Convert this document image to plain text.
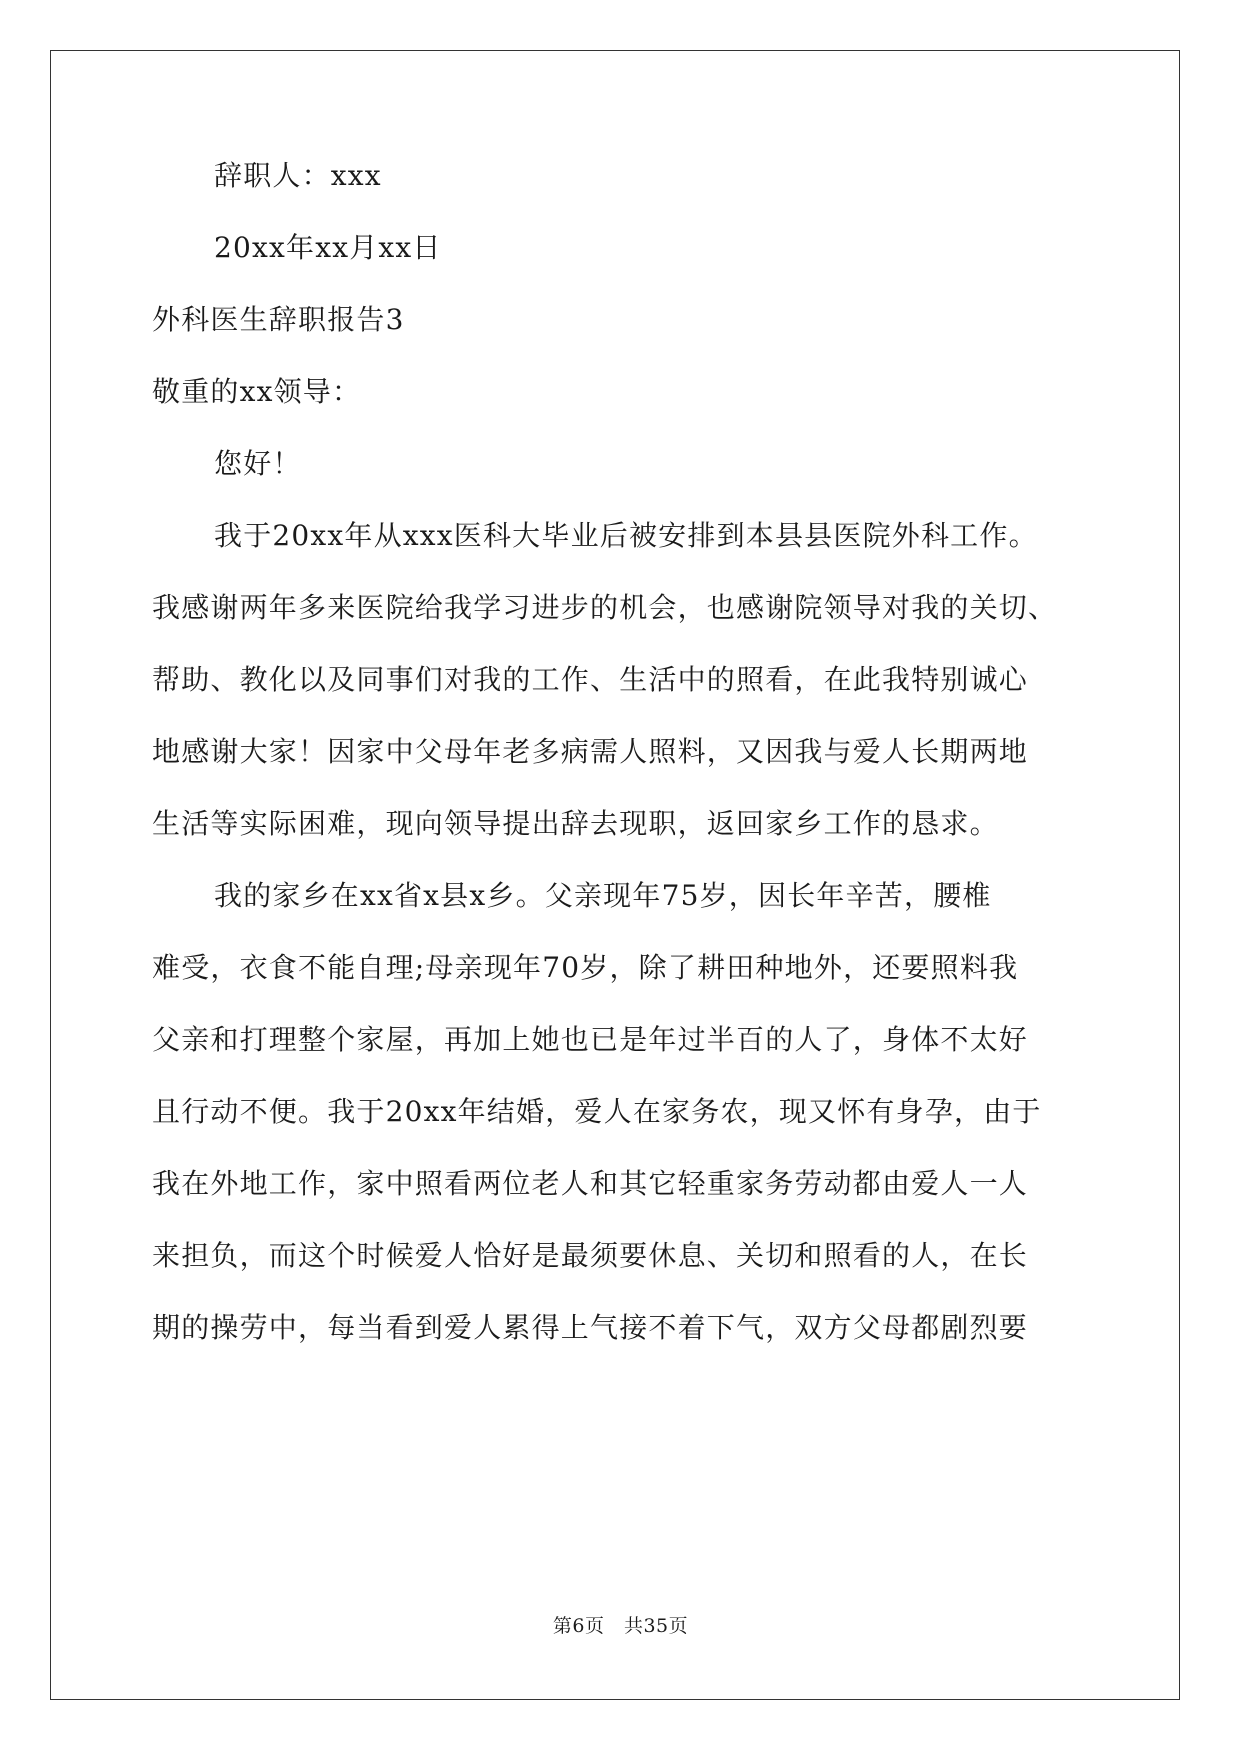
辞职人：xxx
20xx年xx月xx日
外科医生辞职报告3
敬重的xx领导：
您好！
我于20xx年从xxx医科大毕业后被安排到本县县医院外科工作。
我感谢两年多来医院给我学习进步的机会，也感谢院领导对我的关切、
帮助、教化以及同事们对我的工作、生活中的照看，在此我特别诚心
地感谢大家！因家中父母年老多病需人照料，又因我与爱人长期两地
生活等实际困难，现向领导提出辞去现职，返回家乡工作的恳求。
我的家乡在xx省x县x乡。父亲现年75岁，因长年辛苦，腰椎
难受，衣食不能自理;母亲现年70岁，除了耕田种地外，还要照料我
父亲和打理整个家屋，再加上她也已是年过半百的人了，身体不太好
且行动不便。我于20xx年结婚，爱人在家务农，现又怀有身孕，由于
我在外地工作，家中照看两位老人和其它轻重家务劳动都由爱人一人
来担负，而这个时候爱人恰好是最须要休息、关切和照看的人，在长
期的操劳中，每当看到爱人累得上气接不着下气，双方父母都剧烈要
第6页　共35页
